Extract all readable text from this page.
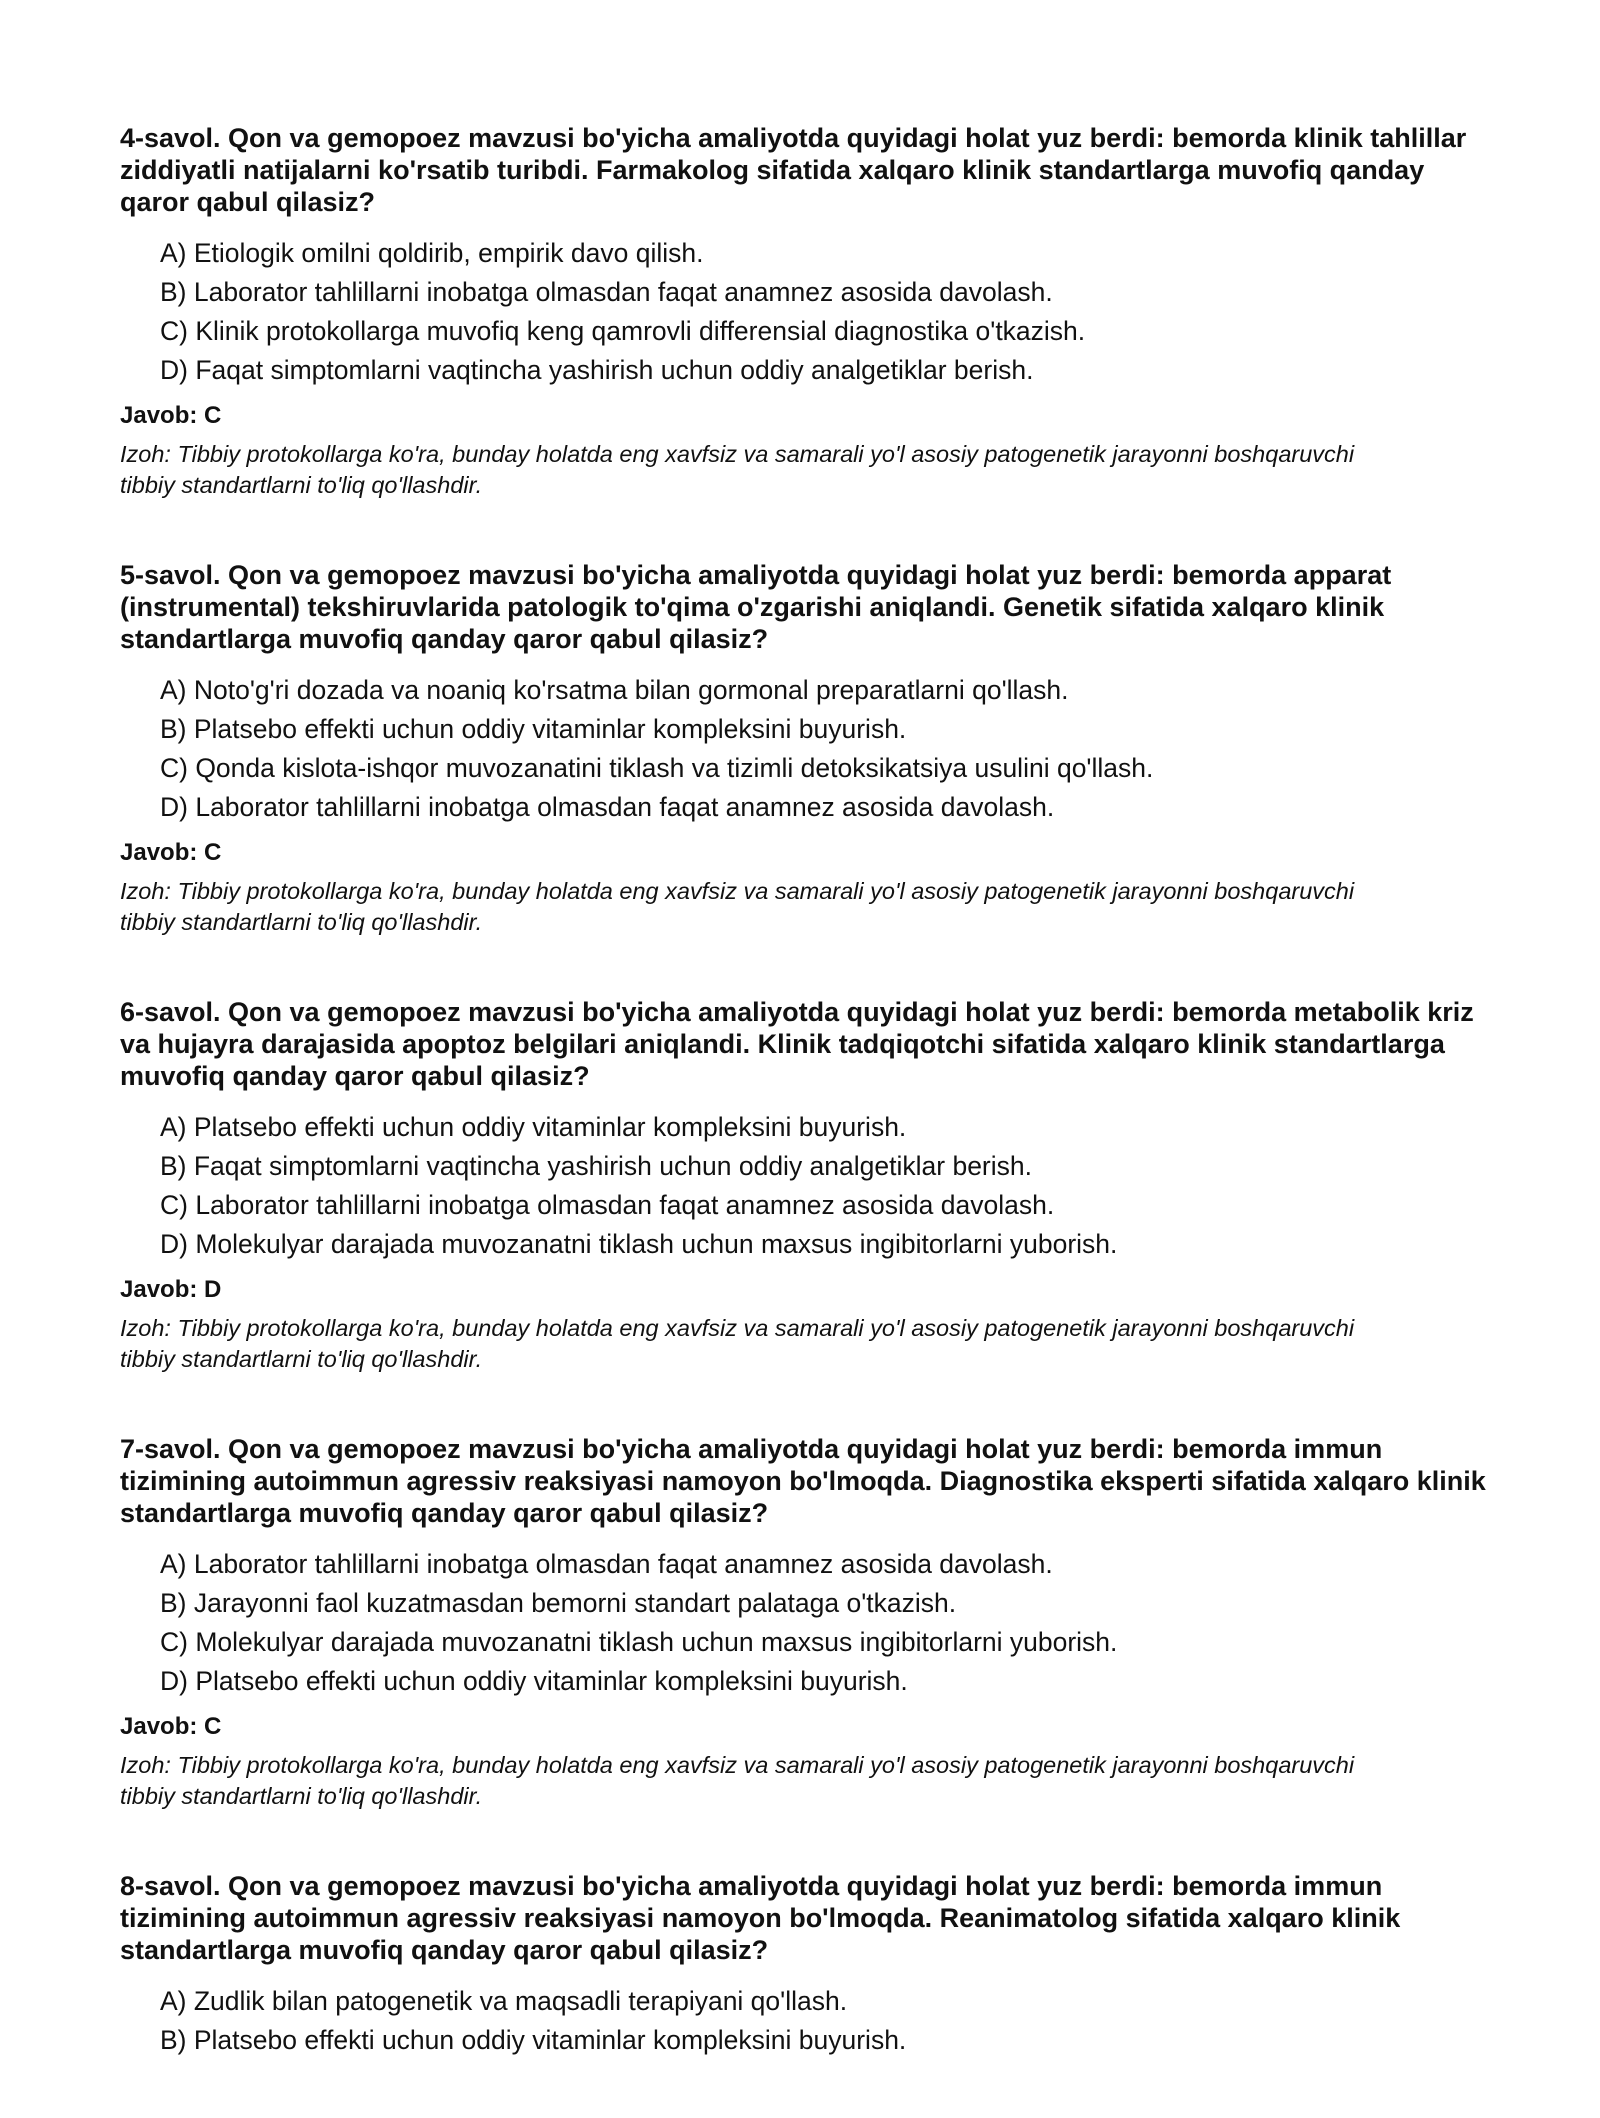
4-savol. Qon va gemopoez mavzusi bo'yicha amaliyotda quyidagi holat yuz berdi: bemorda klinik tahlillar ziddiyatli natijalarni ko'rsatib turibdi. Farmakolog sifatida xalqaro klinik standartlarga muvofiq qanday qaror qabul qilasiz?
A) Etiologik omilni qoldirib, empirik davo qilish.
B) Laborator tahlillarni inobatga olmasdan faqat anamnez asosida davolash.
C) Klinik protokollarga muvofiq keng qamrovli differensial diagnostika o'tkazish.
D) Faqat simptomlarni vaqtincha yashirish uchun oddiy analgetiklar berish.
Javob: C
Izoh: Tibbiy protokollarga ko'ra, bunday holatda eng xavfsiz va samarali yo'l asosiy patogenetik jarayonni boshqaruvchi tibbiy standartlarni to'liq qo'llashdir.
5-savol. Qon va gemopoez mavzusi bo'yicha amaliyotda quyidagi holat yuz berdi: bemorda apparat (instrumental) tekshiruvlarida patologik to'qima o'zgarishi aniqlandi. Genetik sifatida xalqaro klinik standartlarga muvofiq qanday qaror qabul qilasiz?
A) Noto'g'ri dozada va noaniq ko'rsatma bilan gormonal preparatlarni qo'llash.
B) Platsebo effekti uchun oddiy vitaminlar kompleksini buyurish.
C) Qonda kislota-ishqor muvozanatini tiklash va tizimli detoksikatsiya usulini qo'llash.
D) Laborator tahlillarni inobatga olmasdan faqat anamnez asosida davolash.
Javob: C
Izoh: Tibbiy protokollarga ko'ra, bunday holatda eng xavfsiz va samarali yo'l asosiy patogenetik jarayonni boshqaruvchi tibbiy standartlarni to'liq qo'llashdir.
6-savol. Qon va gemopoez mavzusi bo'yicha amaliyotda quyidagi holat yuz berdi: bemorda metabolik kriz va hujayra darajasida apoptoz belgilari aniqlandi. Klinik tadqiqotchi sifatida xalqaro klinik standartlarga muvofiq qanday qaror qabul qilasiz?
A) Platsebo effekti uchun oddiy vitaminlar kompleksini buyurish.
B) Faqat simptomlarni vaqtincha yashirish uchun oddiy analgetiklar berish.
C) Laborator tahlillarni inobatga olmasdan faqat anamnez asosida davolash.
D) Molekulyar darajada muvozanatni tiklash uchun maxsus ingibitorlarni yuborish.
Javob: D
Izoh: Tibbiy protokollarga ko'ra, bunday holatda eng xavfsiz va samarali yo'l asosiy patogenetik jarayonni boshqaruvchi tibbiy standartlarni to'liq qo'llashdir.
7-savol. Qon va gemopoez mavzusi bo'yicha amaliyotda quyidagi holat yuz berdi: bemorda immun tizimining autoimmun agressiv reaksiyasi namoyon bo'lmoqda. Diagnostika eksperti sifatida xalqaro klinik standartlarga muvofiq qanday qaror qabul qilasiz?
A) Laborator tahlillarni inobatga olmasdan faqat anamnez asosida davolash.
B) Jarayonni faol kuzatmasdan bemorni standart palataga o'tkazish.
C) Molekulyar darajada muvozanatni tiklash uchun maxsus ingibitorlarni yuborish.
D) Platsebo effekti uchun oddiy vitaminlar kompleksini buyurish.
Javob: C
Izoh: Tibbiy protokollarga ko'ra, bunday holatda eng xavfsiz va samarali yo'l asosiy patogenetik jarayonni boshqaruvchi tibbiy standartlarni to'liq qo'llashdir.
8-savol. Qon va gemopoez mavzusi bo'yicha amaliyotda quyidagi holat yuz berdi: bemorda immun tizimining autoimmun agressiv reaksiyasi namoyon bo'lmoqda. Reanimatolog sifatida xalqaro klinik standartlarga muvofiq qanday qaror qabul qilasiz?
A) Zudlik bilan patogenetik va maqsadli terapiyani qo'llash.
B) Platsebo effekti uchun oddiy vitaminlar kompleksini buyurish.
